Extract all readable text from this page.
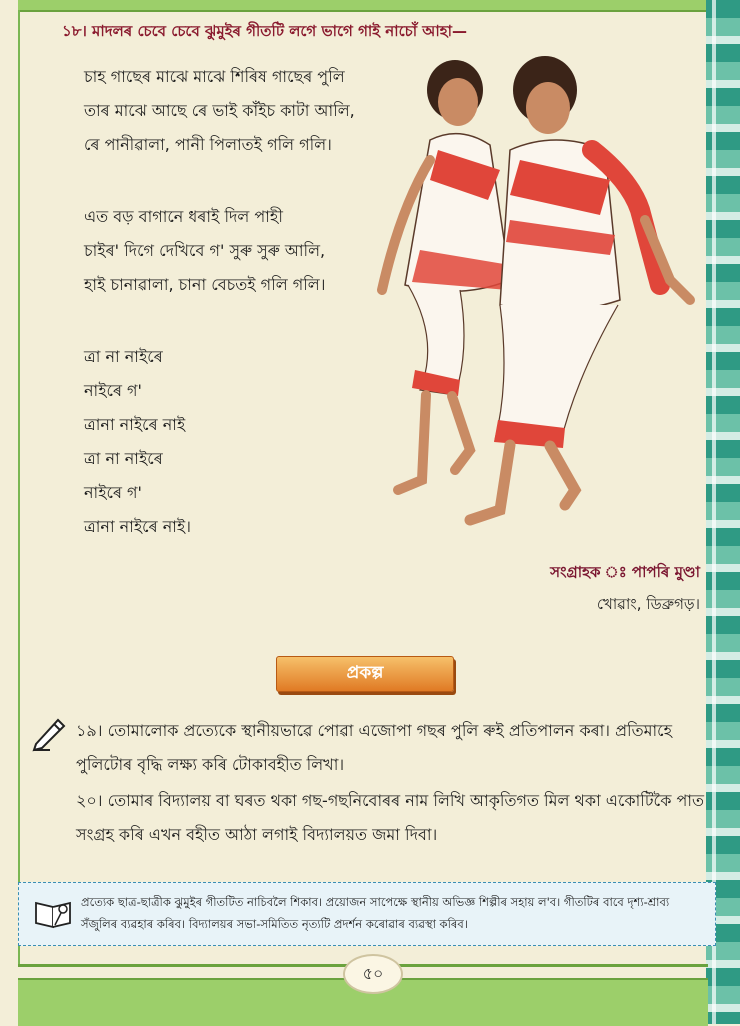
১৮। মাদলৰ চেবে চেবে ঝুমুইৰ গীতটি লগে ভাগে গাই নাচোঁ আহা—
চাহ গাছেৰ মাঝে মাঝে শিৰিষ গাছেৰ পুলি
তাৰ মাঝে আছে ৰে ভাই কাঁইচ কাটা আলি,
ৰে পানীৱালা, পানী পিলাতই গলি গলি।
এত বড় বাগানে ধৰাই দিল পাহী
চাইৰ' দিগে দেখিবে গ' সুৰু সুৰু আলি,
হাই চানাৱালা, চানা বেচতই গলি গলি।
ত্ৰা না নাইৰে
নাইৰে গ'
ত্ৰানা নাইৰে নাই
ত্ৰা না নাইৰে
নাইৰে গ'
ত্ৰানা নাইৰে নাই।
সংগ্ৰাহক ঃ পাপৰি মুণ্ডা
খোৱাং, ডিব্ৰুগড়।
প্ৰকল্প
১৯। তোমালোক প্ৰত্যেকে স্থানীয়ভাৱে পোৱা এজোপা গছৰ পুলি ৰুই প্ৰতিপালন কৰা। প্ৰতিমাহে পুলিটোৰ বৃদ্ধি লক্ষ্য কৰি টোকাবহীত লিখা।
২০। তোমাৰ বিদ্যালয় বা ঘৰত থকা গছ-গছনিবোৰৰ নাম লিখি আকৃতিগত মিল থকা একোটিকৈ পাত সংগ্ৰহ কৰি এখন বহীত আঠা লগাই বিদ্যালয়ত জমা দিবা।
প্ৰত্যেক ছাত্ৰ-ছাত্ৰীক ঝুমুইৰ গীতটিত নাচিবলৈ শিকাব। প্ৰয়োজন সাপেক্ষে স্থানীয় অভিজ্ঞ শিল্পীৰ সহায় ল'ব। গীতটিৰ বাবে দৃশ্য-শ্ৰাব্য সঁজুলিৰ ব্যৱহাৰ কৰিব। বিদ্যালয়ৰ সভা-সমিতিত নৃত্যটি প্ৰদৰ্শন কৰোৱাৰ ব্যৱস্থা কৰিব।
৫০
